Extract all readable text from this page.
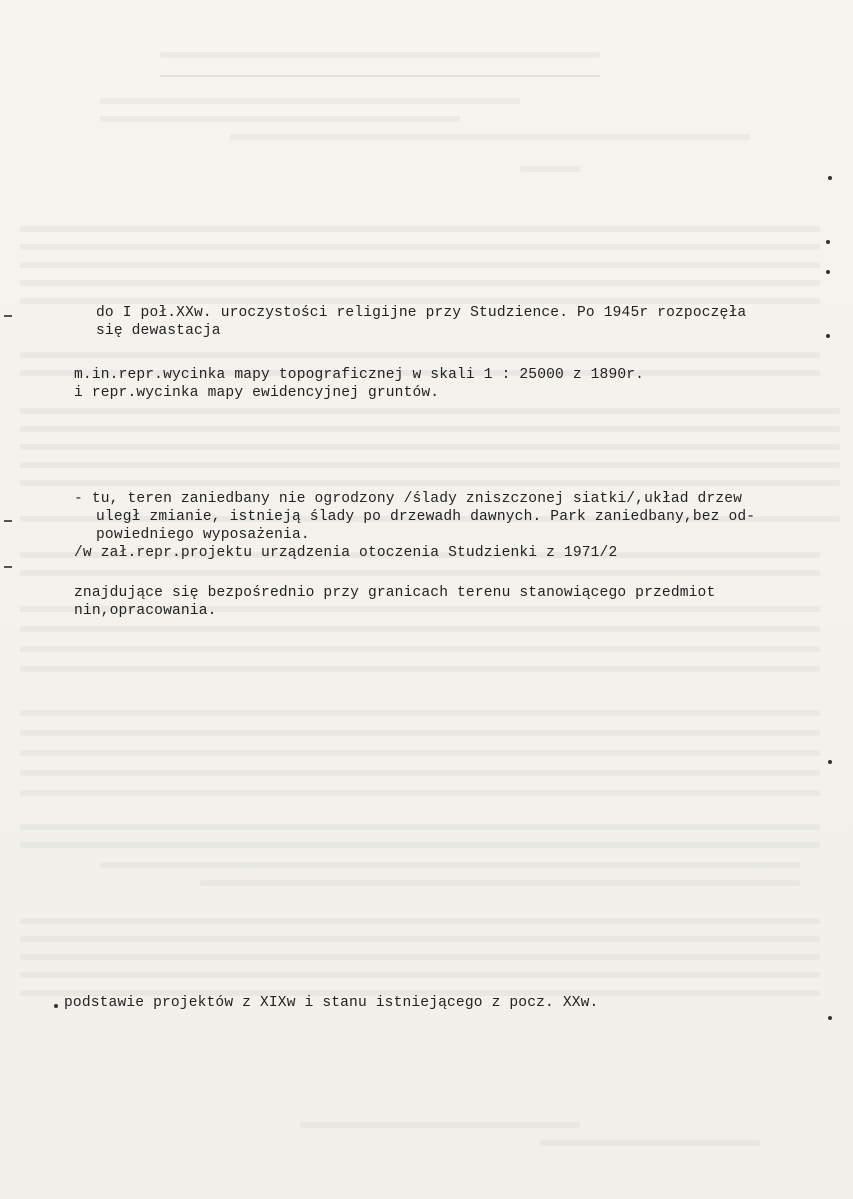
do I poł.XXw. uroczystości religijne przy Studzience. Po 1945r rozpoczęła
się dewastacja
m.in.repr.wycinka mapy topograficznej w skali 1 : 25000 z 1890r.
i repr.wycinka mapy ewidencyjnej gruntów.
- tu, teren zaniedbany nie ogrodzony /ślady zniszczonej siatki/,układ drzew
uległ zmianie, istnieją ślady po drzewadh dawnych. Park zaniedbany,bez od-
powiedniego wyposażenia.
/w zał.repr.projektu urządzenia otoczenia Studzienki z 1971/2
znajdujące się bezpośrednio przy granicach terenu stanowiącego przedmiot
nin,opracowania.
podstawie projektów z XIXw i stanu istniejącego z pocz. XXw.
